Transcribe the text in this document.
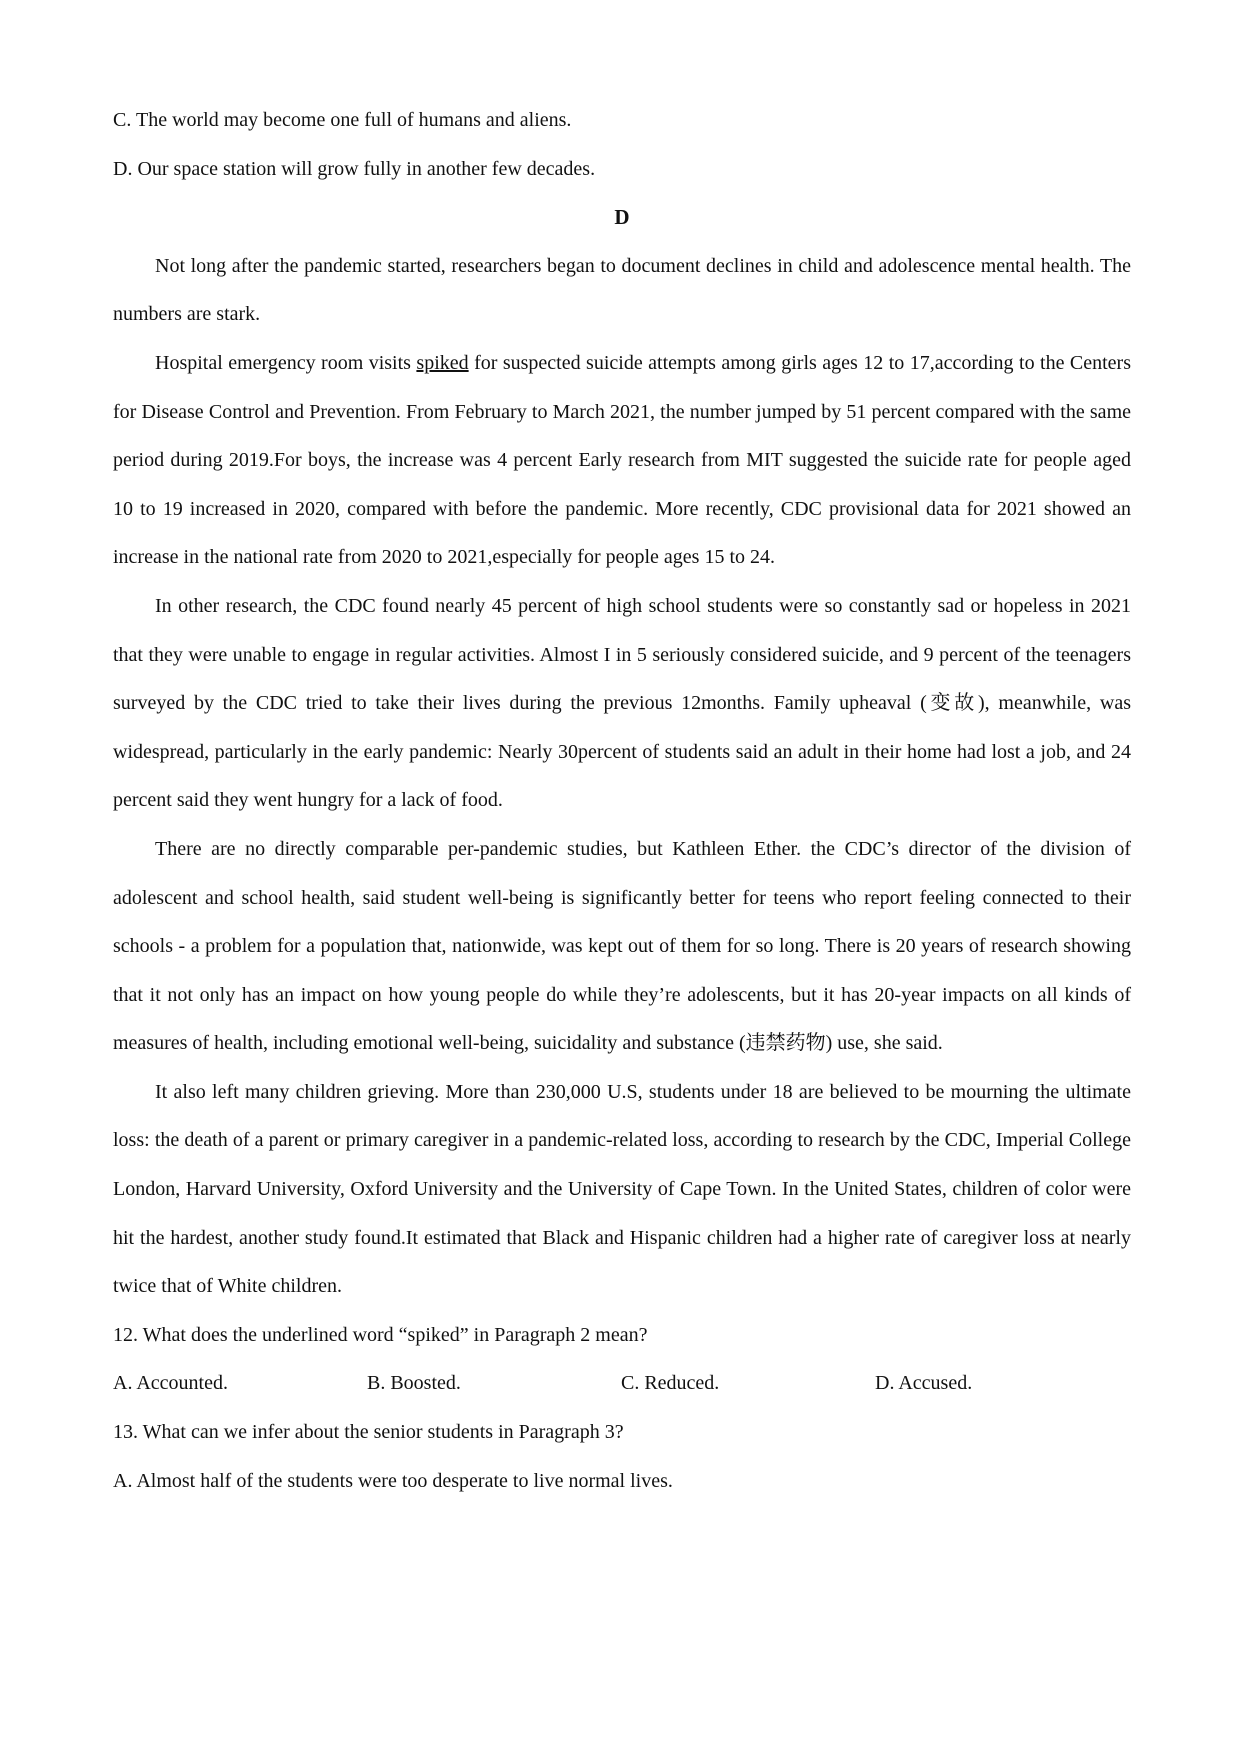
C. The world may become one full of humans and aliens.

D. Our space station will grow fully in another few decades.

D

Not long after the pandemic started, researchers began to document declines in child and adolescence mental health. The numbers are stark.

Hospital emergency room visits spiked for suspected suicide attempts among girls ages 12 to 17,according to the Centers for Disease Control and Prevention. From February to March 2021, the number jumped by 51 percent compared with the same period during 2019.For boys, the increase was 4 percent Early research from MIT suggested the suicide rate for people aged 10 to 19 increased in 2020, compared with before the pandemic. More recently, CDC provisional data for 2021 showed an increase in the national rate from 2020 to 2021,especially for people ages 15 to 24.

In other research, the CDC found nearly 45 percent of high school students were so constantly sad or hopeless in 2021 that they were unable to engage in regular activities. Almost I in 5 seriously considered suicide, and 9 percent of the teenagers surveyed by the CDC tried to take their lives during the previous 12months. Family upheaval (变故), meanwhile, was widespread, particularly in the early pandemic: Nearly 30percent of students said an adult in their home had lost a job, and 24 percent said they went hungry for a lack of food.

There are no directly comparable per-pandemic studies, but Kathleen Ether. the CDC’s director of the division of adolescent and school health, said student well-being is significantly better for teens who report feeling connected to their schools - a problem for a population that, nationwide, was kept out of them for so long. There is 20 years of research showing that it not only has an impact on how young people do while they’re adolescents, but it has 20-year impacts on all kinds of measures of health, including emotional well-being, suicidality and substance (违禁药物) use, she said.

It also left many children grieving. More than 230,000 U.S, students under 18 are believed to be mourning the ultimate loss: the death of a parent or primary caregiver in a pandemic-related loss, according to research by the CDC, Imperial College London, Harvard University, Oxford University and the University of Cape Town. In the United States, children of color were hit the hardest, another study found.It estimated that Black and Hispanic children had a higher rate of caregiver loss at nearly twice that of White children.

12. What does the underlined word “spiked” in Paragraph 2 mean?

A. Accounted.	B. Boosted.	C. Reduced.	D. Accused.

13. What can we infer about the senior students in Paragraph 3?

A. Almost half of the students were too desperate to live normal lives.
